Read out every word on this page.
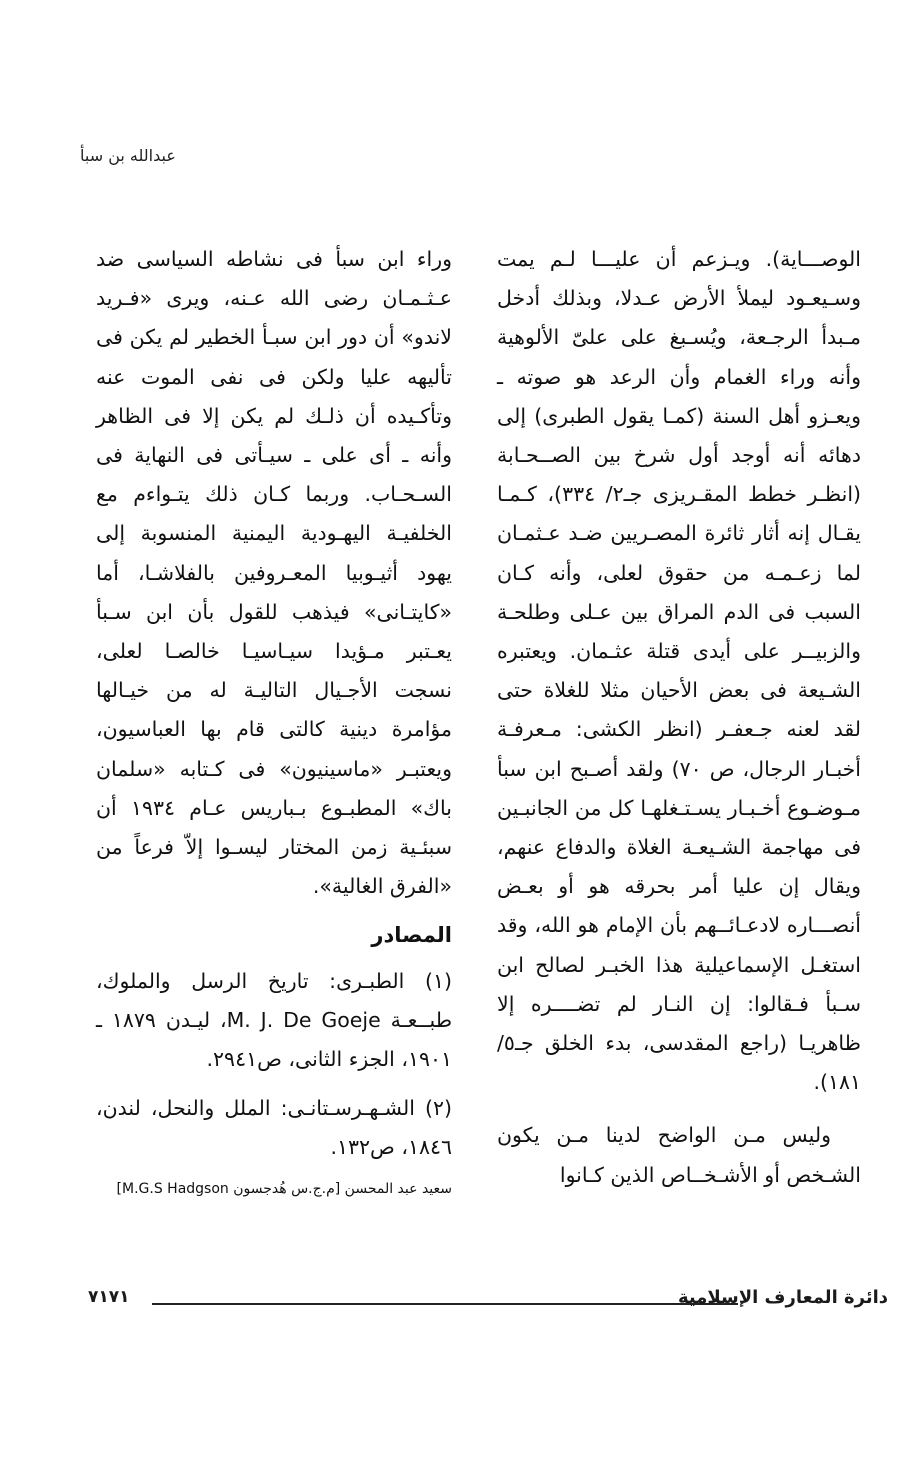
عبدالله بن سبأ

الوصـــاية). ويـزعم أن عليـــا لـم يمت وسـيعـود ليملأ الأرض عـدلا، وبذلك أدخل مـبدأ الرجـعة، ويُسـبغ على علىّ الألوهية وأنه وراء الغمام وأن الرعد هو صوته ـ ويعـزو أهل السنة (كمـا يقول الطبرى) إلى دهائه أنه أوجد أول شرخ بين الصــحـابة (انظـر خطط المقـريزى جـ٢/ ٣٣٤)، كـمـا يقـال إنه أثار ثائرة المصـريين ضـد عـثمـان لما زعـمـه من حقوق لعلى، وأنه كـان السبب فى الدم المراق بين عـلى وطلحـة والزبيــر على أيدى قتلة عثـمان. ويعتبره الشـيعة فى بعض الأحيان مثلا للغلاة حتى لقد لعنه جـعفـر (انظر الكشى: مـعرفـة أخبـار الرجال، ص ٧٠) ولقد أصـبح ابن سبأ مـوضـوع أخـبـار يسـتـغلهـا كل من الجانبـين فى مهاجمة الشـيعـة الغلاة والدفاع عنهم، ويقال إن عليا أمر بحرقه هو أو بعـض أنصـــاره لادعـائــهم بأن الإمام هو الله، وقد استغـل الإسماعيلية هذا الخبـر لصالح ابن سـبأ فـقالوا: إن النـار لم تضــــره إلا ظاهريـا (راجع المقدسى، بدء الخلق جـ٥/ ١٨١).

وليس مـن الواضح لدينا مـن يكون الشـخص أو الأشـخــاص الذين كـانوا

وراء ابن سبأ فى نشاطه السياسى ضد عـثـمـان رضى الله عـنه، ويرى «فـريد لاندو» أن دور ابن سبـأ الخطير لم يكن فى تأليهه عليا ولكن فى نفى الموت عنه وتأكـيده أن ذلـك لم يكن إلا فى الظاهر وأنه ـ أى على ـ سيـأتى فى النهاية فى السـحـاب. وربما كـان ذلك يتـواءم مع الخلفيـة اليهـودية اليمنية المنسوبة إلى يهود أثيـوبيا المعـروفين بالفلاشـا، أما «كايتـانى» فيذهب للقول بأن ابن سـبأ يعـتبر مـؤيدا سيـاسيـا خالصـا لعلى، نسجت الأجـيال التاليـة له من خيـالها مؤامرة دينية كالتى قام بها العباسيون، ويعتبـر «ماسينيون» فى كـتابه «سلمان باك» المطبـوع بـباريس عـام ١٩٣٤ أن سبئـية زمن المختار ليسـوا إلاّ فرعاً من «الفرق الغالية».

المصادر
(١) الطبـرى: تاريخ الرسل والملوك، طبــعـة M. J. De Goeje، ليـدن ١٨٧٩ ـ ١٩٠١، الجزء الثانى، ص٢٩٤١.
(٢) الشـهـرسـتانـى: الملل والنحل، لندن، ١٨٤٦، ص١٣٢.
سعيد عبد المحسن [م.ج.س هُدجسون M.G.S Hadgson]
٧١٧١	دائرة المعارف الإسلامية
